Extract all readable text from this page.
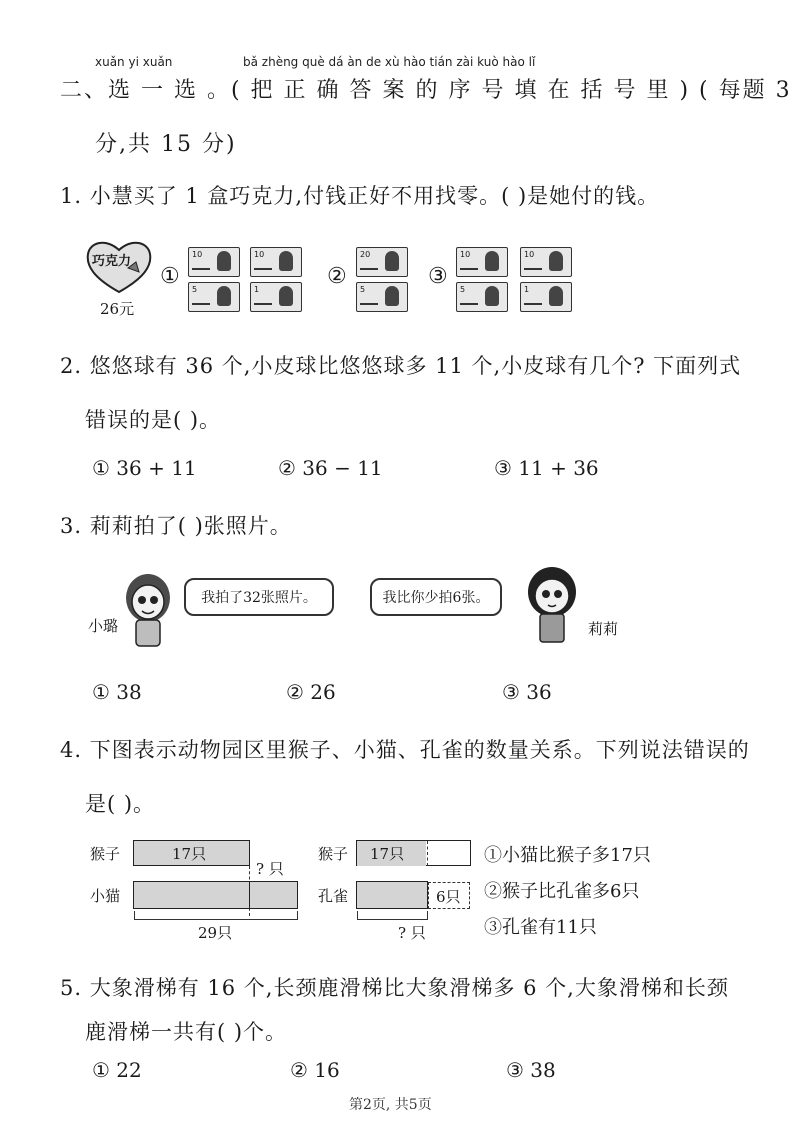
xuǎn yi xuǎn	bǎ zhèng què dá àn de xù hào tián zài kuò hào lǐ
二、选 一 选 。( 把 正 确 答 案 的 序 号 填 在 括 号 里 ) ( 每题 3
分,共 15 分)
1. 小慧买了 1 盒巧克力,付钱正好不用找零。( )是她付的钱。
巧克力
26元
①
10	10
5	1
②
20
5
③
10	10
5	1
2. 悠悠球有 36 个,小皮球比悠悠球多 11 个,小皮球有几个? 下面列式
错误的是( )。
① 36 + 11	② 36 − 11	③ 11 + 36
3. 莉莉拍了( )张照片。
小璐
我拍了32张照片。	我比你少拍6张。
莉莉
① 38	② 26	③ 36
4. 下图表示动物园区里猴子、小猫、孔雀的数量关系。下列说法错误的
是( )。
猴子	17只
? 只
小猫
29只
猴子 17只
孔雀	6只
? 只
①小猫比猴子多17只
②猴子比孔雀多6只
③孔雀有11只
5. 大象滑梯有 16 个,长颈鹿滑梯比大象滑梯多 6 个,大象滑梯和长颈
鹿滑梯一共有( )个。
① 22	② 16	③ 38
第2页, 共5页
